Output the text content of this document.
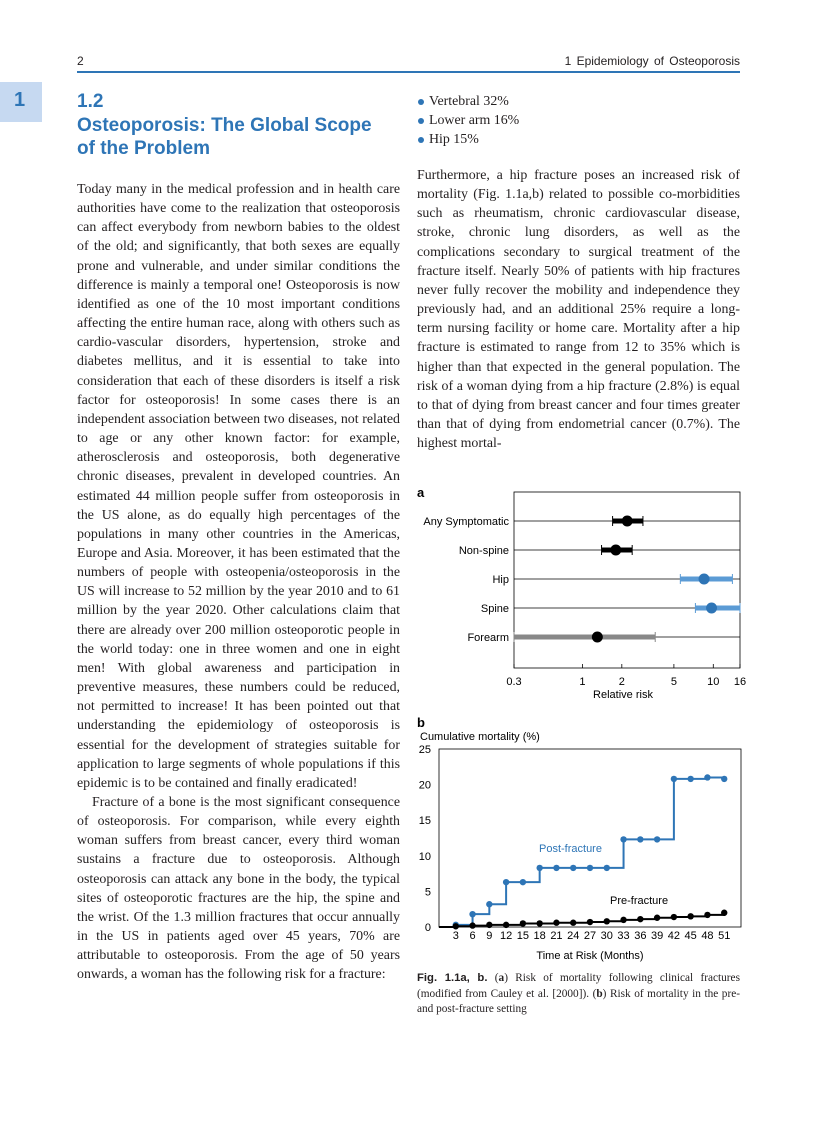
2	1 Epidemiology of Osteoporosis
1	1.2
Osteoporosis: The Global Scope
of the Problem

Today many in the medical profession and in health care authorities have come to the realization that osteoporosis can affect everybody from newborn babies to the oldest of the old; and significantly, that both sexes are equally prone and vulnerable, and under similar conditions the difference is mainly a temporal one! Osteoporosis is now identified as one of the 10 most important conditions affecting the entire human race, along with others such as cardio-vascular disorders, hypertension, stroke and diabetes mellitus, and it is essential to take into consideration that each of these disorders is itself a risk factor for osteoporosis! In some cases there is an independent association between two diseases, not related to age or any other known factor: for example, atherosclerosis and osteoporosis, both degenerative chronic diseases, prevalent in developed countries. An estimated 44 million people suffer from osteoporosis in the US alone, as do equally high percentages of the populations in many other countries in the Americas, Europe and Asia. Moreover, it has been estimated that the numbers of people with osteopenia/osteoporosis in the US will increase to 52 million by the year 2010 and to 61 million by the year 2020. Other calculations claim that there are already over 200 million osteoporotic people in the world today: one in three women and one in eight men! With global awareness and participation in preventive measures, these numbers could be reduced, not permitted to increase! It has been pointed out that understanding the epidemiology of osteoporosis is essential for the development of strategies suitable for application to large segments of whole populations if this epidemic is to be contained and finally eradicated!

Fracture of a bone is the most significant consequence of osteoporosis. For comparison, while every eighth woman suffers from breast cancer, every third woman sustains a fracture due to osteoporosis. Although osteoporosis can attack any bone in the body, the typical sites of osteoporotic fractures are the hip, the spine and the wrist. Of the 1.3 million fractures that occur annually in the US in patients aged over 45 years, 70% are attributable to osteoporosis. From the age of 50 years onwards, a woman has the following risk for a fracture:

Vertebral 32%
Lower arm 16%
Hip 15%

Furthermore, a hip fracture poses an increased risk of mortality (Fig. 1.1a,b) related to possible co-morbidities such as rheumatism, chronic cardiovascular disease, stroke, chronic lung disorders, as well as the complications secondary to surgical treatment of the fracture itself. Nearly 50% of patients with hip fractures never fully recover the mobility and independence they previously had, and an additional 25% require a long-term nursing facility or home care. Mortality after a hip fracture is estimated to range from 12 to 35% which is higher than that expected in the general population. The risk of a woman dying from a hip fracture (2.8%) is equal to that of dying from breast cancer and four times greater than that of dying from endometrial cancer (0.7%). The highest mortal-

a
0.3	1	2	5	10 16
Any Symptomatic
Non-spine
Hip
Spine
Forearm
Relative risk
b
Cumulative mortality (%)
0
5
10
15
20
25
3 6 9 12 15 18 21 24 27 30 33 36 39 42 45 48 51
Post-fracture
Pre-fracture
Time at Risk (Months)

Fig. 1.1a, b. (a) Risk of mortality following clinical fractures (modified from Cauley et al. [2000]). (b) Risk of mortality in the pre- and post-fracture setting
